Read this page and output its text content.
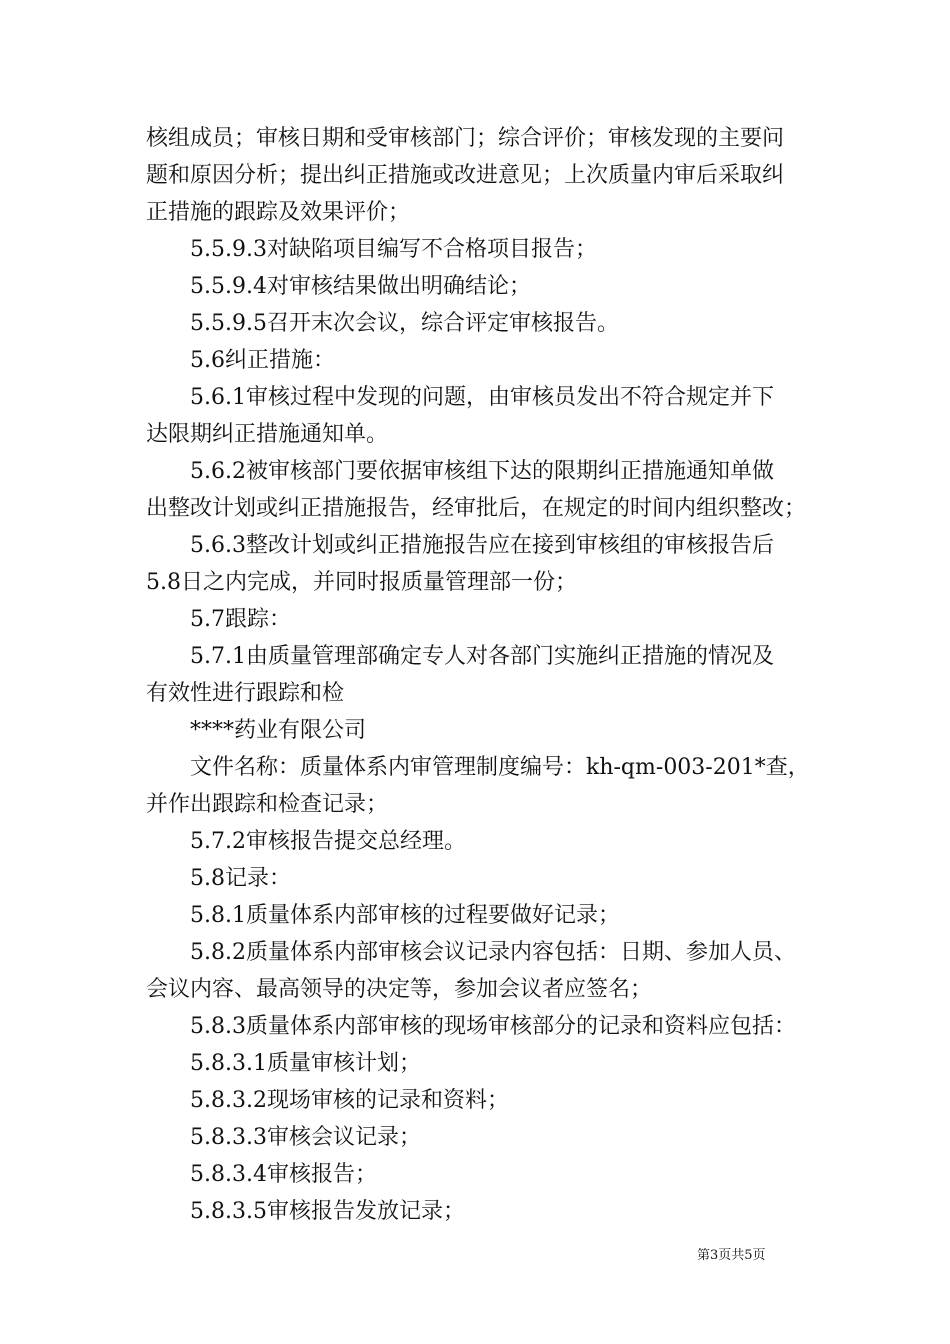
核组成员；审核日期和受审核部门；综合评价；审核发现的主要问
题和原因分析；提出纠正措施或改进意见；上次质量内审后采取纠
正措施的跟踪及效果评价；
　　5.5.9.3对缺陷项目编写不合格项目报告；
　　5.5.9.4对审核结果做出明确结论；
　　5.5.9.5召开末次会议，综合评定审核报告。
　　5.6纠正措施：
　　5.6.1审核过程中发现的问题，由审核员发出不符合规定并下
达限期纠正措施通知单。
　　5.6.2被审核部门要依据审核组下达的限期纠正措施通知单做
出整改计划或纠正措施报告，经审批后，在规定的时间内组织整改；
　　5.6.3整改计划或纠正措施报告应在接到审核组的审核报告后
5.8日之内完成，并同时报质量管理部一份；
　　5.7跟踪：
　　5.7.1由质量管理部确定专人对各部门实施纠正措施的情况及
有效性进行跟踪和检
　　****药业有限公司
　　文件名称：质量体系内审管理制度编号：kh-qm-003-201*查，
并作出跟踪和检查记录；
　　5.7.2审核报告提交总经理。
　　5.8记录：
　　5.8.1质量体系内部审核的过程要做好记录；
　　5.8.2质量体系内部审核会议记录内容包括：日期、参加人员、
会议内容、最高领导的决定等，参加会议者应签名；
　　5.8.3质量体系内部审核的现场审核部分的记录和资料应包括：
　　5.8.3.1质量审核计划；
　　5.8.3.2现场审核的记录和资料；
　　5.8.3.3审核会议记录；
　　5.8.3.4审核报告；
　　5.8.3.5审核报告发放记录；
第3页共5页
